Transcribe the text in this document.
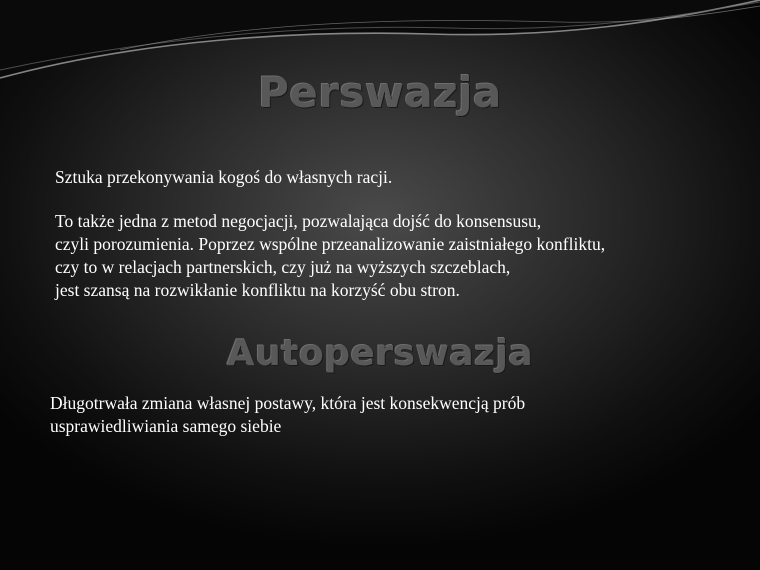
Perswazja

Sztuka przekonywania kogoś do własnych racji.

To także jedna z metod negocjacji, pozwalająca dojść do konsensusu,
czyli porozumienia. Poprzez wspólne przeanalizowanie zaistniałego konfliktu,
czy to w relacjach partnerskich, czy już na wyższych szczeblach,
jest szansą na rozwikłanie konfliktu na korzyść obu stron.
Autoperswazja
Długotrwała zmiana własnej postawy, która jest konsekwencją prób
usprawiedliwiania samego siebie
